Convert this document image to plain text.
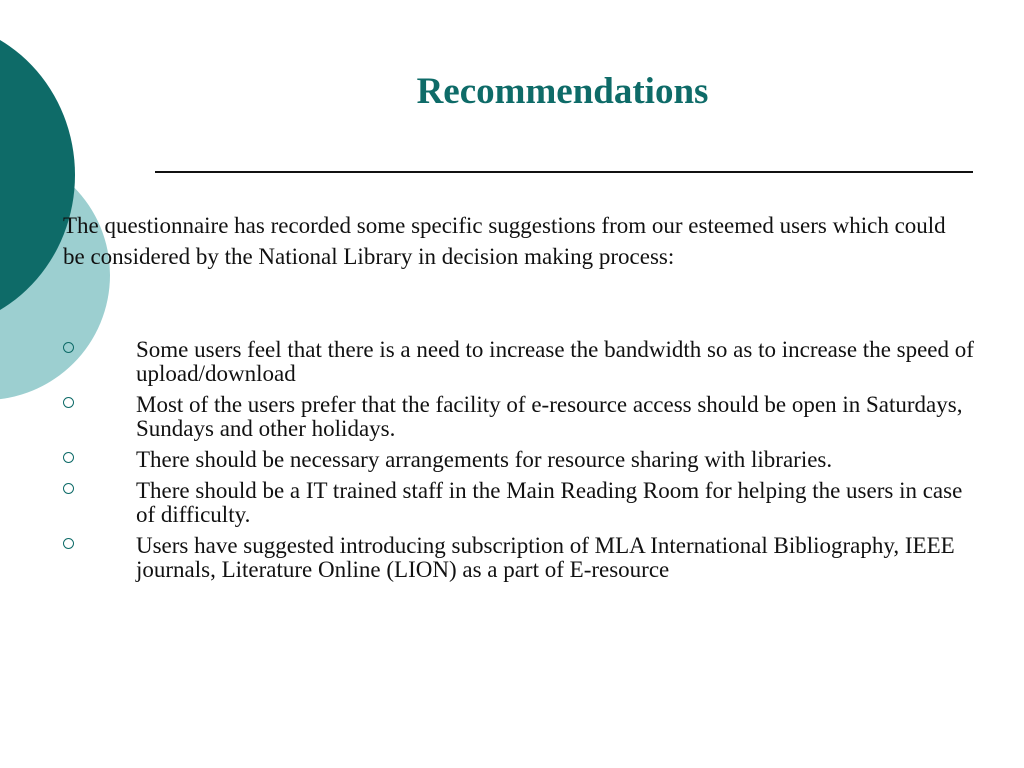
Recommendations
The questionnaire has recorded some specific suggestions from our esteemed users which could be considered by the National Library in decision making process:
Some users feel that there is a need to increase the bandwidth so as to increase the speed of upload/download
Most of the users prefer that the facility of e-resource access should be open in Saturdays, Sundays and other holidays.
There should be necessary arrangements for resource sharing with libraries.
There should be a IT trained staff in the Main Reading Room for helping the users in case of difficulty.
Users have suggested introducing subscription of MLA International Bibliography, IEEE journals, Literature Online (LION) as a part of E-resource
